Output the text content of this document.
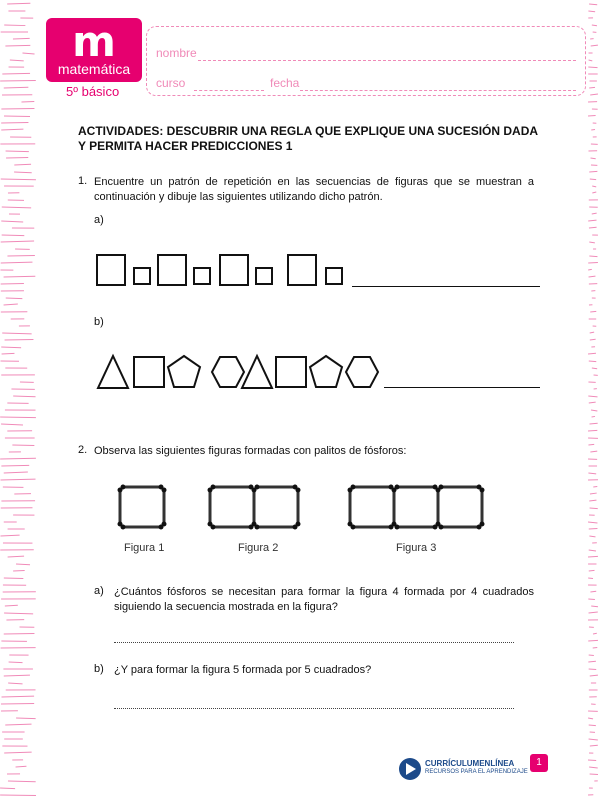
m
matemática
5º básico
nombre
curso	fecha
ACTIVIDADES: DESCUBRIR UNA REGLA QUE EXPLIQUE UNA SUCESIÓN DADA Y PERMITA HACER PREDICCIONES 1
1. Encuentre un patrón de repetición en las secuencias de figuras que se muestran a continuación y dibuje las siguientes utilizando dicho patrón.
a)
b)
2. Observa las siguientes figuras formadas con palitos de fósforos:
Figura 1	Figura 2	Figura 3
a) ¿Cuántos fósforos se necesitan para formar la figura 4 formada por 4 cuadrados siguiendo la secuencia mostrada en la figura?
b) ¿Y para formar la figura 5 formada por 5 cuadrados?
CURRÍCULUMENLÍNEA
RECURSOS PARA EL APRENDIZAJE
1
